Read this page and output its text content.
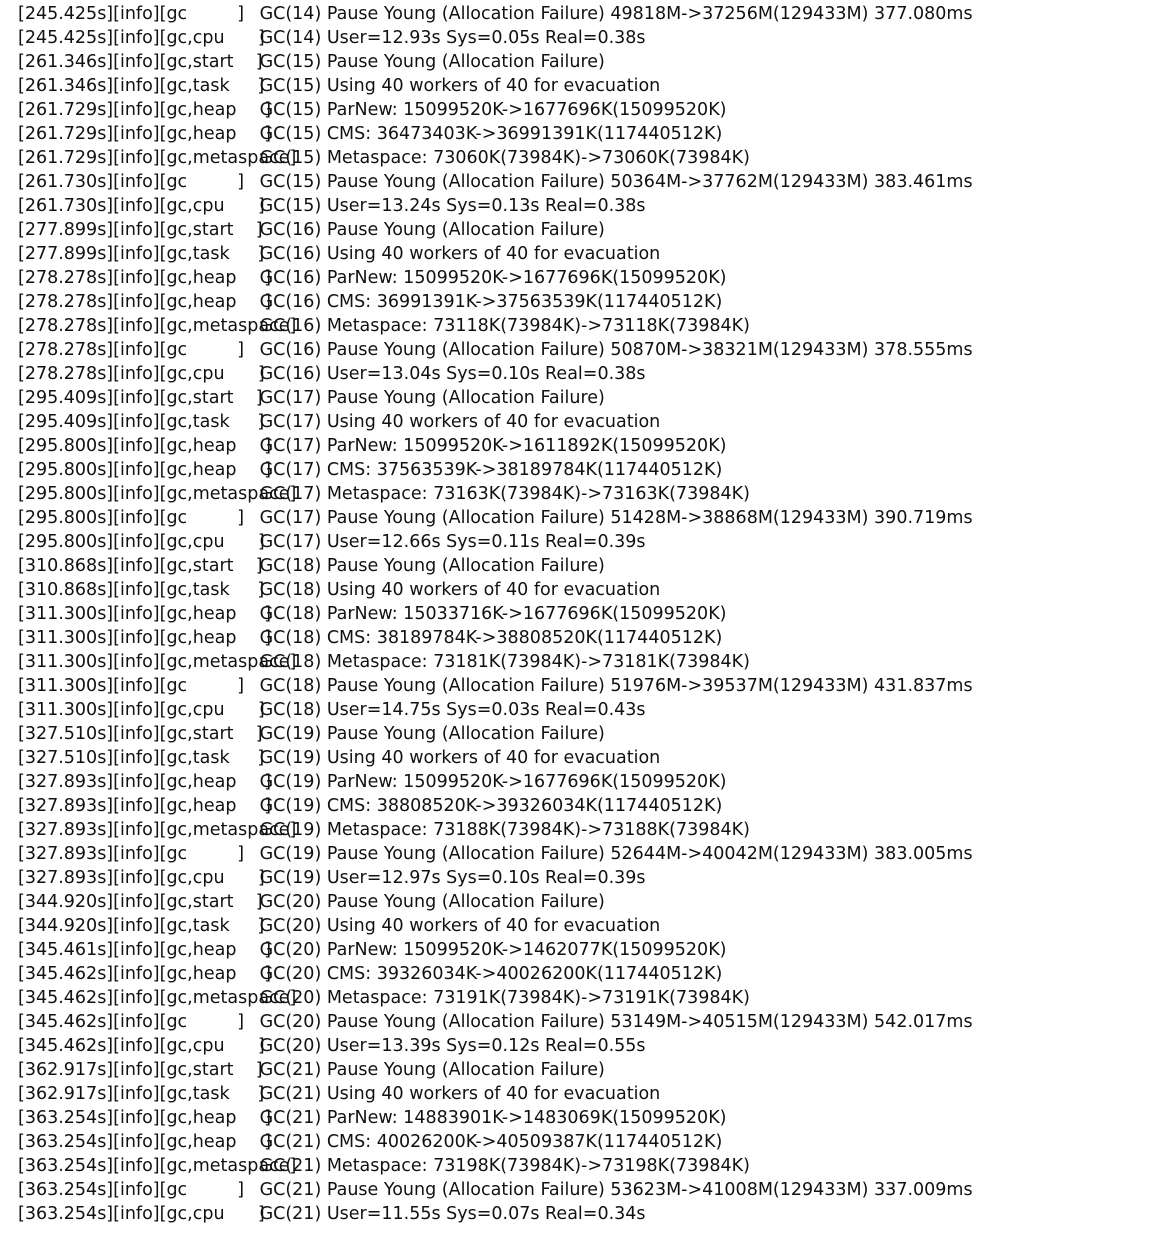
[245.425s][info][gc         ] GC(14) Pause Young (Allocation Failure) 49818M->37256M(129433M) 377.080ms
[245.425s][info][gc,cpu      ]
GC(14) User=12.93s Sys=0.05s Real=0.38s
[261.346s][info][gc,start    ]
GC(15) Pause Young (Allocation Failure)
[261.346s][info][gc,task     ]
GC(15) Using 40 workers of 40 for evacuation
[261.729s][info][gc,heap     ]
GC(15) ParNew: 15099520K->1677696K(15099520K)
[261.729s][info][gc,heap     ]
GC(15) CMS: 36473403K->36991391K(117440512K)
[261.729s][info][gc,metaspace]
GC(15) Metaspace: 73060K(73984K)->73060K(73984K)
[261.730s][info][gc         ] GC(15) Pause Young (Allocation Failure) 50364M->37762M(129433M) 383.461ms
[261.730s][info][gc,cpu      ]
GC(15) User=13.24s Sys=0.13s Real=0.38s
[277.899s][info][gc,start    ]
GC(16) Pause Young (Allocation Failure)
[277.899s][info][gc,task     ]
GC(16) Using 40 workers of 40 for evacuation
[278.278s][info][gc,heap     ]
GC(16) ParNew: 15099520K->1677696K(15099520K)
[278.278s][info][gc,heap     ]
GC(16) CMS: 36991391K->37563539K(117440512K)
[278.278s][info][gc,metaspace]
GC(16) Metaspace: 73118K(73984K)->73118K(73984K)
[278.278s][info][gc         ] GC(16) Pause Young (Allocation Failure) 50870M->38321M(129433M) 378.555ms
[278.278s][info][gc,cpu      ]
GC(16) User=13.04s Sys=0.10s Real=0.38s
[295.409s][info][gc,start    ]
GC(17) Pause Young (Allocation Failure)
[295.409s][info][gc,task     ]
GC(17) Using 40 workers of 40 for evacuation
[295.800s][info][gc,heap     ]
GC(17) ParNew: 15099520K->1611892K(15099520K)
[295.800s][info][gc,heap     ]
GC(17) CMS: 37563539K->38189784K(117440512K)
[295.800s][info][gc,metaspace]
GC(17) Metaspace: 73163K(73984K)->73163K(73984K)
[295.800s][info][gc         ] GC(17) Pause Young (Allocation Failure) 51428M->38868M(129433M) 390.719ms
[295.800s][info][gc,cpu      ]
GC(17) User=12.66s Sys=0.11s Real=0.39s
[310.868s][info][gc,start    ]
GC(18) Pause Young (Allocation Failure)
[310.868s][info][gc,task     ]
GC(18) Using 40 workers of 40 for evacuation
[311.300s][info][gc,heap     ]
GC(18) ParNew: 15033716K->1677696K(15099520K)
[311.300s][info][gc,heap     ]
GC(18) CMS: 38189784K->38808520K(117440512K)
[311.300s][info][gc,metaspace]
GC(18) Metaspace: 73181K(73984K)->73181K(73984K)
[311.300s][info][gc         ] GC(18) Pause Young (Allocation Failure) 51976M->39537M(129433M) 431.837ms
[311.300s][info][gc,cpu      ]
GC(18) User=14.75s Sys=0.03s Real=0.43s
[327.510s][info][gc,start    ]
GC(19) Pause Young (Allocation Failure)
[327.510s][info][gc,task     ]
GC(19) Using 40 workers of 40 for evacuation
[327.893s][info][gc,heap     ]
GC(19) ParNew: 15099520K->1677696K(15099520K)
[327.893s][info][gc,heap     ]
GC(19) CMS: 38808520K->39326034K(117440512K)
[327.893s][info][gc,metaspace]
GC(19) Metaspace: 73188K(73984K)->73188K(73984K)
[327.893s][info][gc         ] GC(19) Pause Young (Allocation Failure) 52644M->40042M(129433M) 383.005ms
[327.893s][info][gc,cpu      ]
GC(19) User=12.97s Sys=0.10s Real=0.39s
[344.920s][info][gc,start    ]
GC(20) Pause Young (Allocation Failure)
[344.920s][info][gc,task     ]
GC(20) Using 40 workers of 40 for evacuation
[345.461s][info][gc,heap     ]
GC(20) ParNew: 15099520K->1462077K(15099520K)
[345.462s][info][gc,heap     ]
GC(20) CMS: 39326034K->40026200K(117440512K)
[345.462s][info][gc,metaspace]
GC(20) Metaspace: 73191K(73984K)->73191K(73984K)
[345.462s][info][gc         ] GC(20) Pause Young (Allocation Failure) 53149M->40515M(129433M) 542.017ms
[345.462s][info][gc,cpu      ]
GC(20) User=13.39s Sys=0.12s Real=0.55s
[362.917s][info][gc,start    ]
GC(21) Pause Young (Allocation Failure)
[362.917s][info][gc,task     ]
GC(21) Using 40 workers of 40 for evacuation
[363.254s][info][gc,heap     ]
GC(21) ParNew: 14883901K->1483069K(15099520K)
[363.254s][info][gc,heap     ]
GC(21) CMS: 40026200K->40509387K(117440512K)
[363.254s][info][gc,metaspace]
GC(21) Metaspace: 73198K(73984K)->73198K(73984K)
[363.254s][info][gc         ] GC(21) Pause Young (Allocation Failure) 53623M->41008M(129433M) 337.009ms
[363.254s][info][gc,cpu      ]
GC(21) User=11.55s Sys=0.07s Real=0.34s
